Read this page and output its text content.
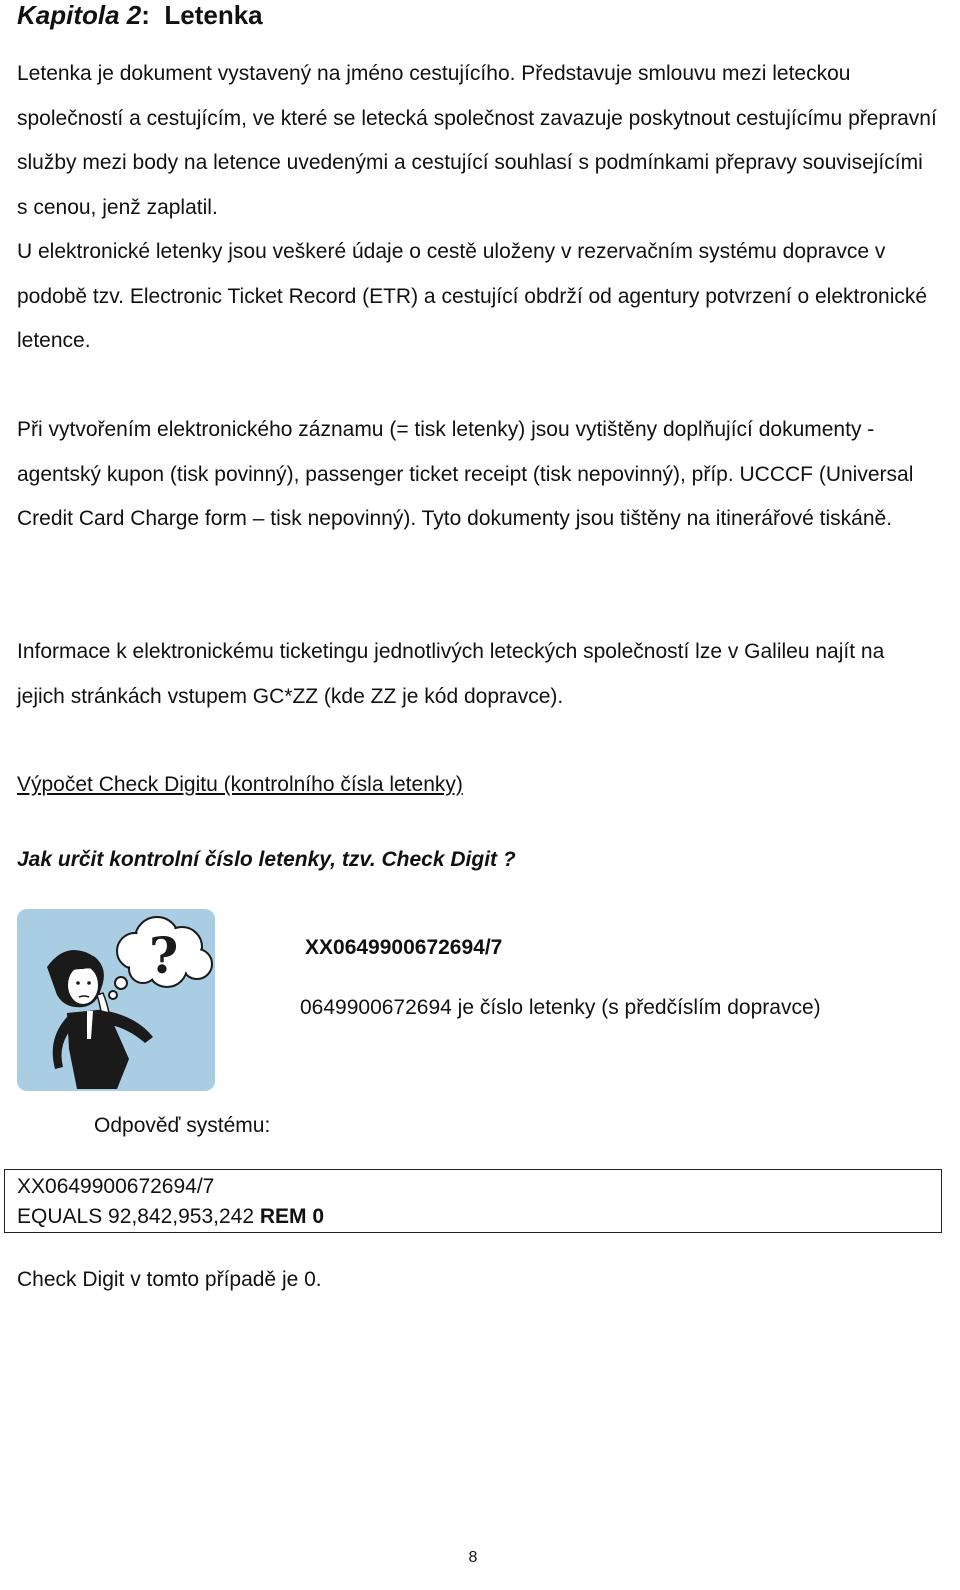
Kapitola 2: Letenka

Letenka je dokument vystavený na jméno cestujícího. Představuje smlouvu mezi leteckou společností a cestujícím, ve které se letecká společnost zavazuje poskytnout cestujícímu přepravní služby mezi body na letence uvedenými a cestující souhlasí s podmínkami přepravy souvisejícími s cenou, jenž zaplatil.

U elektronické letenky jsou veškeré údaje o cestě uloženy v rezervačním systému dopravce v podobě tzv. Electronic Ticket Record (ETR) a cestující obdrží od agentury potvrzení o elektronické letence.

Při vytvořením elektronického záznamu (= tisk letenky) jsou vytištěny doplňující dokumenty - agentský kupon (tisk povinný), passenger ticket receipt (tisk nepovinný), příp. UCCCF (Universal Credit Card Charge form – tisk nepovinný). Tyto dokumenty jsou tištěny na itinerářové tiskáně.

Informace k elektronickému ticketingu jednotlivých leteckých společností lze v Galileu najít na jejich stránkách vstupem GC*ZZ (kde ZZ je kód dopravce).

Výpočet Check Digitu (kontrolního čísla letenky)
Jak určit kontrolní číslo letenky, tzv. Check Digit ?
?	XX0649900672694/7
0649900672694 je číslo letenky (s předčíslím dopravce)
Odpověď systému:
XX0649900672694/7
EQUALS 92,842,953,242 REM 0
Check Digit v tomto případě je 0.
8
